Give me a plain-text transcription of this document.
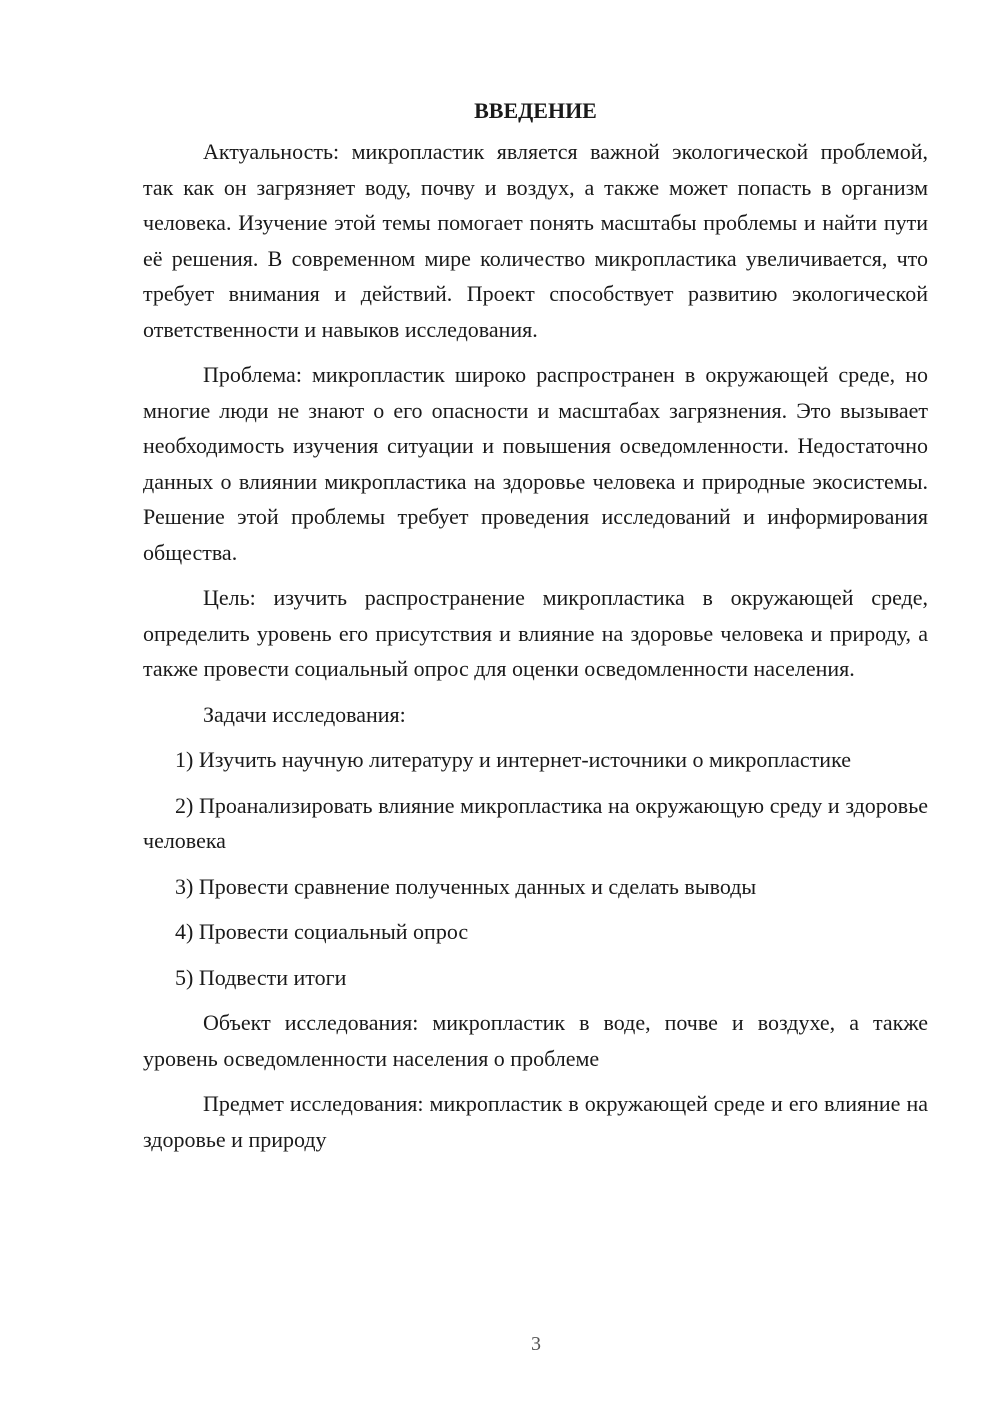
ВВЕДЕНИЕ

Актуальность: микропластик является важной экологической проблемой, так как он загрязняет воду, почву и воздух, а также может попасть в организм человека. Изучение этой темы помогает понять масштабы проблемы и найти пути её решения. В современном мире количество микропластика увеличивается, что требует внимания и действий. Проект способствует развитию экологической ответственности и навыков исследования.

Проблема: микропластик широко распространен в окружающей среде, но многие люди не знают о его опасности и масштабах загрязнения. Это вызывает необходимость изучения ситуации и повышения осведомленности. Недостаточно данных о влиянии микропластика на здоровье человека и природные экосистемы. Решение этой проблемы требует проведения исследований и информирования общества.

Цель: изучить распространение микропластика в окружающей среде, определить уровень его присутствия и влияние на здоровье человека и природу, а также провести социальный опрос для оценки осведомленности населения.

Задачи исследования:

1) Изучить научную литературу и интернет-источники о микропластике

2) Проанализировать влияние микропластика на окружающую среду и здоровье человека

3) Провести сравнение полученных данных и сделать выводы

4) Провести социальный опрос

5) Подвести итоги

Объект исследования: микропластик в воде, почве и воздухе, а также уровень осведомленности населения о проблеме

Предмет исследования: микропластик в окружающей среде и его влияние на здоровье и природу

3
